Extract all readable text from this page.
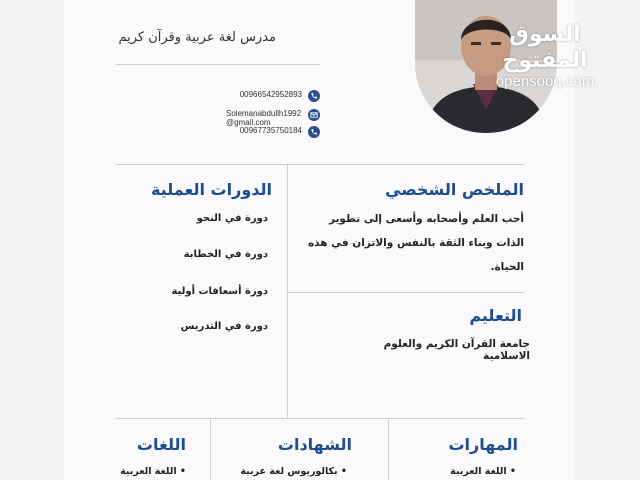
السوق المفتوح
opensooq.com
مدرس لغة عربية وقرآن كريم
00966542952893
Solemanabdullh1992@gmail.com
00967735750184
الملخص الشخصي
أحب العلم وأصحابه وأسعى إلى تطوير الذات وبناء الثقة بالنفس والاتزان في هذه الحياة.
الدورات العملية
دورة في النحو
دورة في الخطابة
دورة أسعافات أولية
دورة في التدريس
التعليم
جامعة القرآن الكريم والعلوم الاسلامية
المهارات
• اللغة العربية
الشهادات
• بكالوريوس لغة عربية
اللغات
• اللغة العربية
